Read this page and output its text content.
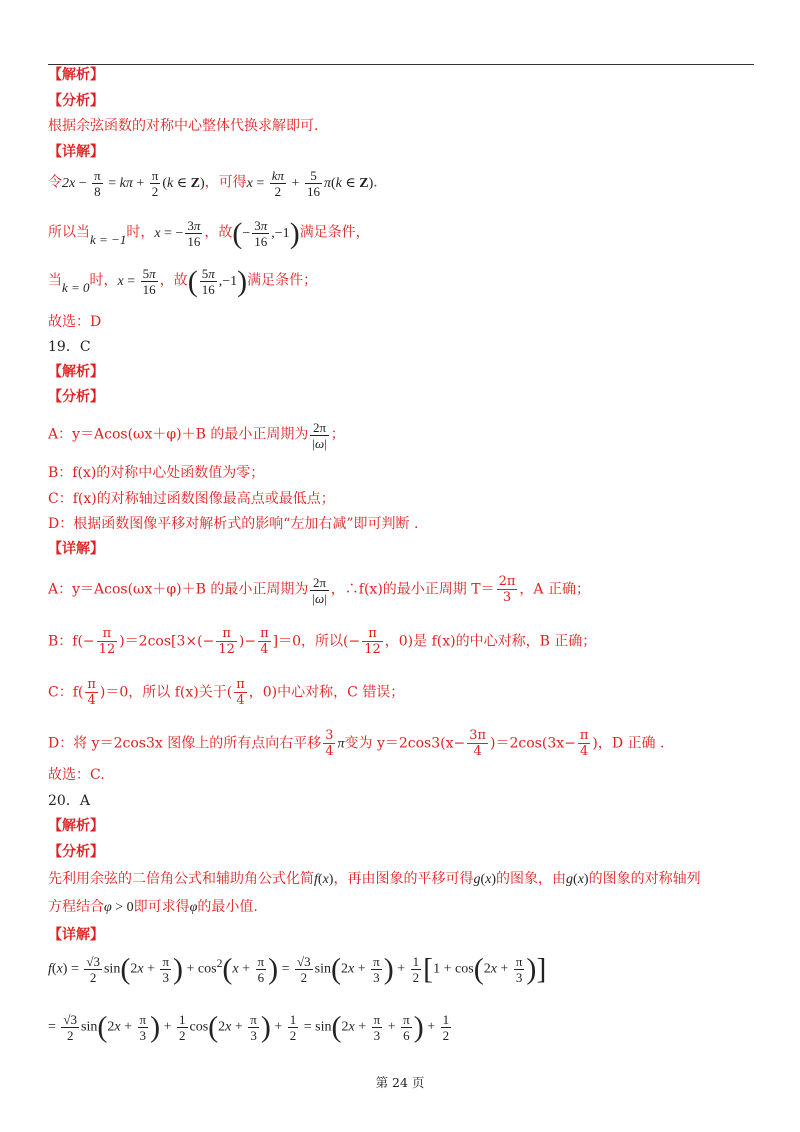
【解析】
【分析】
根据余弦函数的对称中心整体代换求解即可.
【详解】
令$2x - \frac{\pi}{8} = k\pi + \frac{\pi}{2} (k$ ∈ Z)，可得$x = \frac{k\pi}{2} + \frac{5}{16} \pi(k$ ∈ Z)．
所以当k = −1时，x = − $\frac{3\pi}{16}$ ，故(− $\frac{3\pi}{16} ,-1$)满足条件，
当k = 0时，$x = \frac{5\pi}{16}$ ，故( $\frac{5\pi}{16} ,-1$)满足条件；
故选：D
19．C
【解析】
【分析】
A：y＝Acos(ωx＋φ)＋B 的最小正周期为 $\frac{2\pi}{|\omega|}$ ；
B：f(x)的对称中心处函数值为零；
C：f(x)的对称轴过函数图像最高点或最低点；
D：根据函数图像平移对解析式的影响“左加右减”即可判断 .
【详解】
A：y＝Acos(ωx＋φ)＋B 的最小正周期为 $\frac{2\pi}{|\omega|}$ ，∴f(x)的最小正周期 $T= \frac{2\pi}{3}$ ，A 正确；
B：$f(- \frac{\pi}{12} )=2\cos[3\times(- \frac{\pi}{12}$ )− $\frac{\pi}{4} ]=0$，所以(− $\frac{\pi}{12}$ ，0)是 f(x)的中心对称，B 正确；
C：$f( \frac{\pi}{4} )=0$，所以 f(x)关于( $\frac{\pi}{4}$ ，0)中心对称，C 错误；
D：将 y＝2cos3x 图像上的所有点向右平移 $\frac{3}{4}$ π变为 $y=2\cos 3(x- \frac{3\pi}{4} )=2\cos(3x- \frac{\pi}{4}$ )，D 正确 .
故选：C.
20．A
【解析】
【分析】
先利用余弦的二倍角公式和辅助角公式化简f(x)，再由图象的平移可得g(x)的图象，由g(x)的图象的对称轴列
方程结合φ > 0即可求得φ的最小值.
【详解】
$f(x) = \frac{√3}{2} \sin(2x + \frac{\pi}{3}$ ) + $\cos^2(x + \frac{\pi}{6}$ ) = $\frac{√3}{2} \sin(2x + \frac{\pi}{3}$ ) + $\frac{1}{2} [1 + \cos(2x + \frac{\pi}{3}$ )]
= $\frac{√3}{2} \sin(2x + \frac{\pi}{3}$ ) + $\frac{1}{2} \cos(2x + \frac{\pi}{3}$ ) + $\frac{1}{2} = \sin(2x + \frac{\pi}{3} + \frac{\pi}{6}$ ) + $\frac{1}{2}$
第 24 页
